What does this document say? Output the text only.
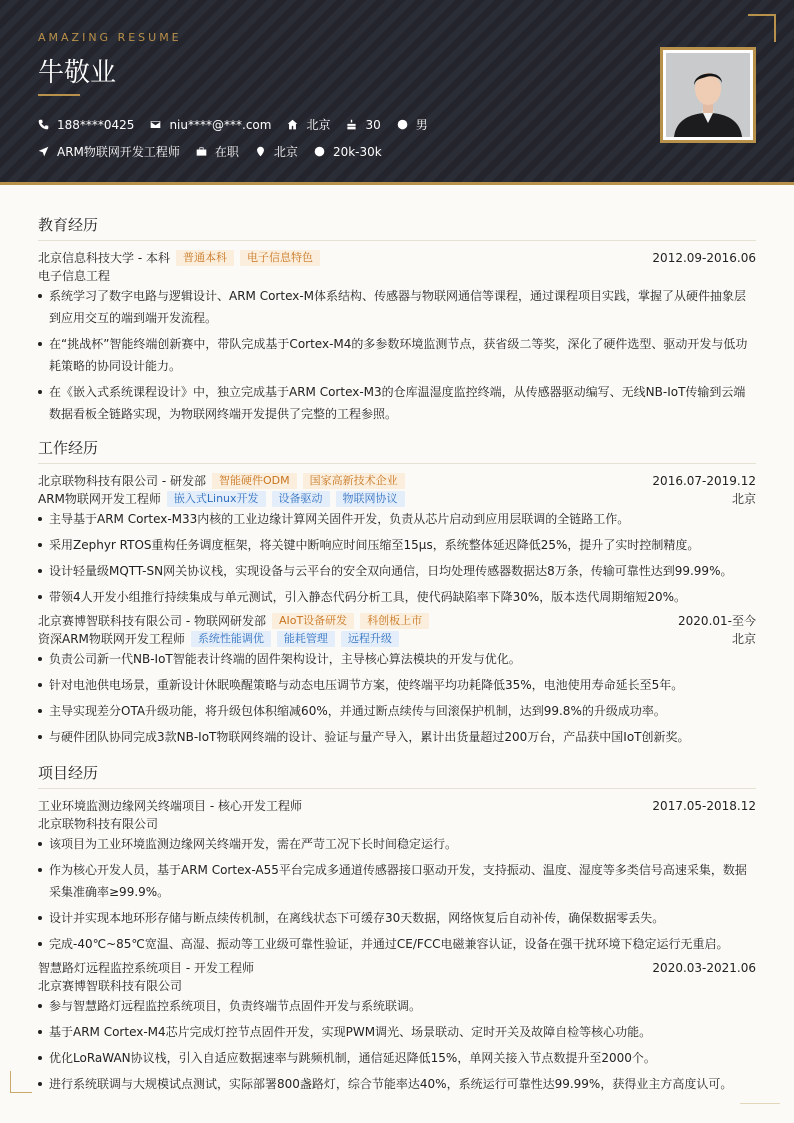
AMAZING RESUME
牛敬业
188****0425	niu****@***.com	北京	30	男
ARM物联网开发工程师	在职	北京	20k-30k
教育经历
北京信息科技大学 - 本科	普通本科	电子信息特色	2012.09-2016.06
电子信息工程
系统学习了数字电路与逻辑设计、ARM Cortex-M体系结构、传感器与物联网通信等课程，通过课程项目实践，掌握了从硬件抽象层到应用交互的端到端开发流程。
在“挑战杯”智能终端创新赛中，带队完成基于Cortex-M4的多参数环境监测节点，获省级二等奖，深化了硬件选型、驱动开发与低功耗策略的协同设计能力。
在《嵌入式系统课程设计》中，独立完成基于ARM Cortex-M3的仓库温湿度监控终端，从传感器驱动编写、无线NB-IoT传输到云端数据看板全链路实现，为物联网终端开发提供了完整的工程参照。
工作经历
北京联物科技有限公司 - 研发部	智能硬件ODM	国家高新技术企业	2016.07-2019.12
ARM物联网开发工程师	嵌入式Linux开发	设备驱动	物联网协议	北京
主导基于ARM Cortex-M33内核的工业边缘计算网关固件开发，负责从芯片启动到应用层联调的全链路工作。
采用Zephyr RTOS重构任务调度框架，将关键中断响应时间压缩至15μs，系统整体延迟降低25%，提升了实时控制精度。
设计轻量级MQTT-SN网关协议栈，实现设备与云平台的安全双向通信，日均处理传感器数据达8万条，传输可靠性达到99.99%。
带领4人开发小组推行持续集成与单元测试，引入静态代码分析工具，使代码缺陷率下降30%，版本迭代周期缩短20%。
北京赛博智联科技有限公司 - 物联网研发部	AIoT设备研发	科创板上市	2020.01-至今
资深ARM物联网开发工程师	系统性能调优	能耗管理	远程升级	北京
负责公司新一代NB-IoT智能表计终端的固件架构设计，主导核心算法模块的开发与优化。
针对电池供电场景，重新设计休眠唤醒策略与动态电压调节方案，使终端平均功耗降低35%，电池使用寿命延长至5年。
主导实现差分OTA升级功能，将升级包体积缩减60%，并通过断点续传与回滚保护机制，达到99.8%的升级成功率。
与硬件团队协同完成3款NB-IoT物联网终端的设计、验证与量产导入，累计出货量超过200万台，产品获中国IoT创新奖。
项目经历
工业环境监测边缘网关终端项目 - 核心开发工程师	2017.05-2018.12
北京联物科技有限公司
该项目为工业环境监测边缘网关终端开发，需在严苛工况下长时间稳定运行。
作为核心开发人员，基于ARM Cortex-A55平台完成多通道传感器接口驱动开发，支持振动、温度、湿度等多类信号高速采集，数据采集准确率≥99.9%。
设计并实现本地环形存储与断点续传机制，在离线状态下可缓存30天数据，网络恢复后自动补传，确保数据零丢失。
完成-40℃~85℃宽温、高湿、振动等工业级可靠性验证，并通过CE/FCC电磁兼容认证，设备在强干扰环境下稳定运行无重启。
智慧路灯远程监控系统项目 - 开发工程师	2020.03-2021.06
北京赛博智联科技有限公司
参与智慧路灯远程监控系统项目，负责终端节点固件开发与系统联调。
基于ARM Cortex-M4芯片完成灯控节点固件开发，实现PWM调光、场景联动、定时开关及故障自检等核心功能。
优化LoRaWAN协议栈，引入自适应数据速率与跳频机制，通信延迟降低15%，单网关接入节点数提升至2000个。
进行系统联调与大规模试点测试，实际部署800盏路灯，综合节能率达40%，系统运行可靠性达99.99%，获得业主方高度认可。
